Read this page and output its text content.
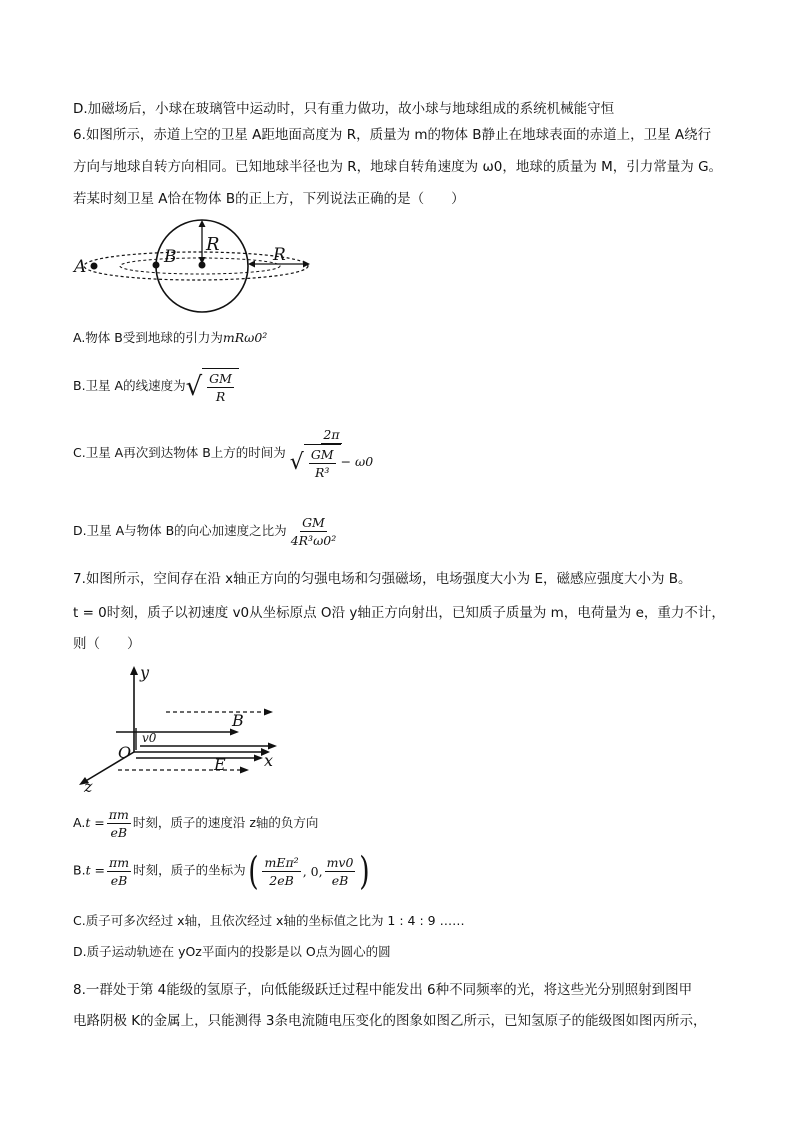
D.加磁场后，小球在玻璃管中运动时，只有重力做功，故小球与地球组成的系统机械能守恒
6.如图所示，赤道上空的卫星 A距地面高度为 R，质量为 m的物体 B静止在地球表面的赤道上，卫星 A绕行
方向与地球自转方向相同。已知地球半径也为 R，地球自转角速度为 ω0，地球的质量为 M，引力常量为 G。
若某时刻卫星 A恰在物体 B的正上方，下列说法正确的是（　　）
A	B
R	R
A.物体 B受到地球的引力为mRω0²
B.卫星 A的线速度为 √ $\frac{GM}{R}$
C.卫星 A再次到达物体 B上方的时间为 $\frac{2\pi}{√ \frac{GM}{\text{R³}} - \omega 0}$
D.卫星 A与物体 B的向心加速度之比为 $\frac{GM}{\text{4R³ω0²}}$
7.如图所示，空间存在沿 x轴正方向的匀强电场和匀强磁场，电场强度大小为 E，磁感应强度大小为 B。
t = 0时刻，质子以初速度 v0从坐标原点 O沿 y轴正方向射出，已知质子质量为 m，电荷量为 e，重力不计，
则（　　）
y
x
z
O
v0
B
E
$A.t = \frac{\pi m}{eB}$ 时刻，质子的速度沿 z轴的负方向
$B.t = \frac{\pi m}{eB}$ 时刻，质子的坐标为 ( $\frac{\text{mEπ²}}{2eB}$ , 0, $\frac{mv0}{eB}$ )
C.质子可多次经过 x轴，且依次经过 x轴的坐标值之比为 1 : 4 : 9 ……
D.质子运动轨迹在 yOz平面内的投影是以 O点为圆心的圆
8.一群处于第 4能级的氢原子，向低能级跃迁过程中能发出 6种不同频率的光，将这些光分别照射到图甲
电路阴极 K的金属上，只能测得 3条电流随电压变化的图象如图乙所示，已知氢原子的能级图如图丙所示，
